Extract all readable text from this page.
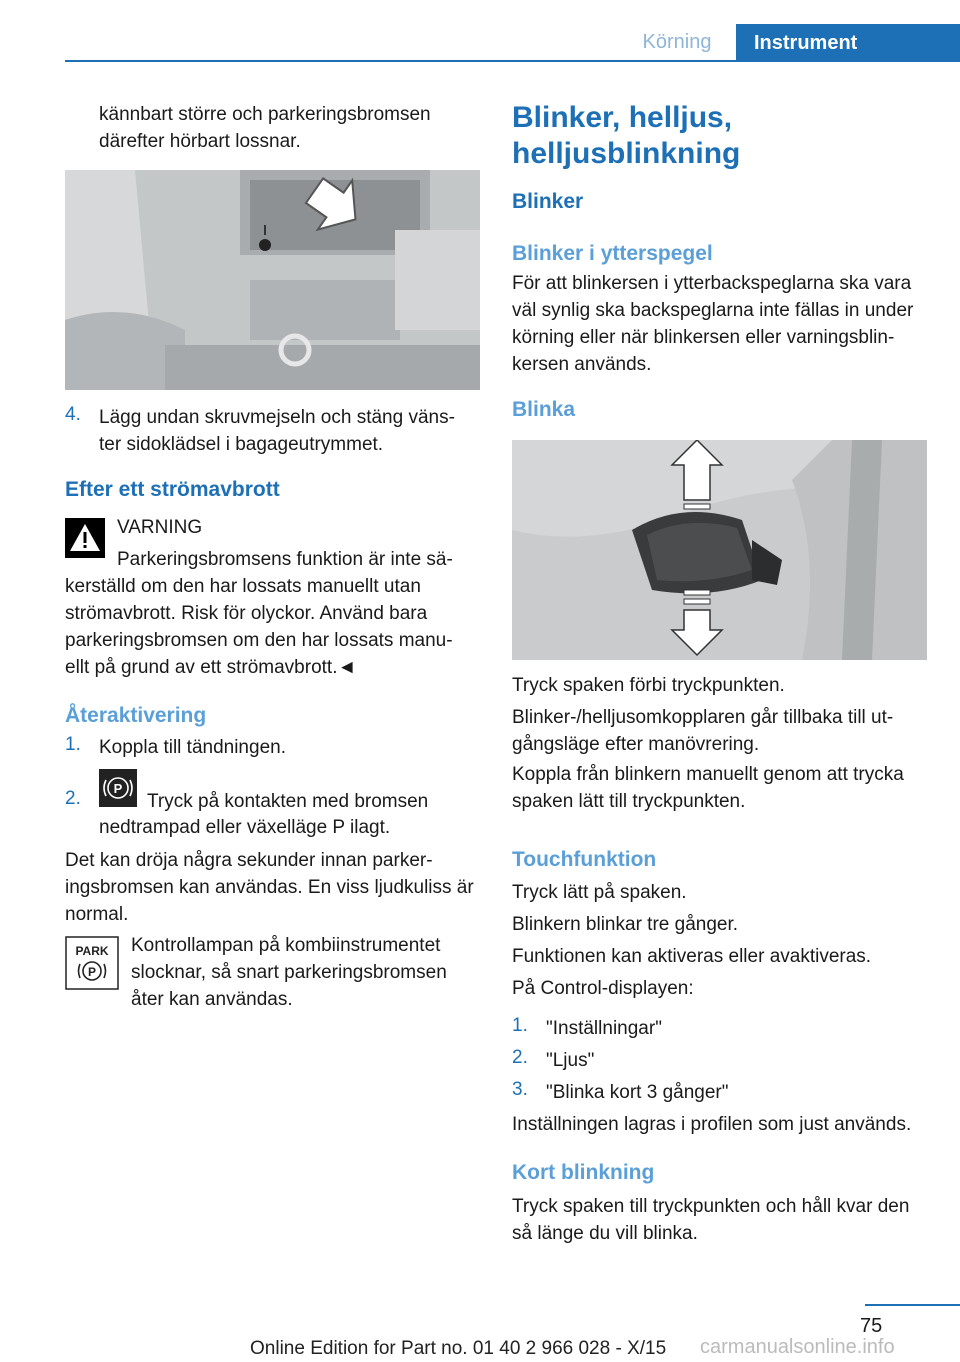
Körning	Instrument
kännbart större och parkeringsbromsen därefter hörbart lossnar.
4. Lägg undan skruvmejseln och stäng väns- ter sidoklädsel i bagageutrymmet.
Efter ett strömavbrott
VARNING
Parkeringsbromsens funktion är inte sä-
kerställd om den har lossats manuellt utan strömavbrott. Risk för olyckor. Använd bara parkeringsbromsen om den har lossats manu- ellt på grund av ett strömavbrott.◄
Återaktivering
1. Koppla till tändningen.
2.	P
Tryck på kontakten med bromsen
nedtrampad eller växelläge P ilagt.
Det kan dröja några sekunder innan parker- ingsbromsen kan användas. En viss ljudkuliss är normal.
PARK
P
Kontrollampan på kombiinstrumentet slocknar, så snart parkeringsbromsen åter kan användas.
Blinker, helljus, helljusblinkning
Blinker
Blinker i ytterspegel
För att blinkersen i ytterbackspeglarna ska vara väl synlig ska backspeglarna inte fällas in under körning eller när blinkersen eller varningsblin- kersen används.
Blinka
Tryck spaken förbi tryckpunkten.
Blinker-/helljusomkopplaren går tillbaka till ut- gångsläge efter manövrering.
Koppla från blinkern manuellt genom att trycka spaken lätt till tryckpunkten.
Touchfunktion
Tryck lätt på spaken.
Blinkern blinkar tre gånger.
Funktionen kan aktiveras eller avaktiveras.
På Control-displayen:
1. "Inställningar"
2. "Ljus"
3. "Blinka kort 3 gånger"
Inställningen lagras i profilen som just används.
Kort blinkning
Tryck spaken till tryckpunkten och håll kvar den så länge du vill blinka.
75
Online Edition for Part no. 01 40 2 966 028 - X/15 carmanualsonline.info
